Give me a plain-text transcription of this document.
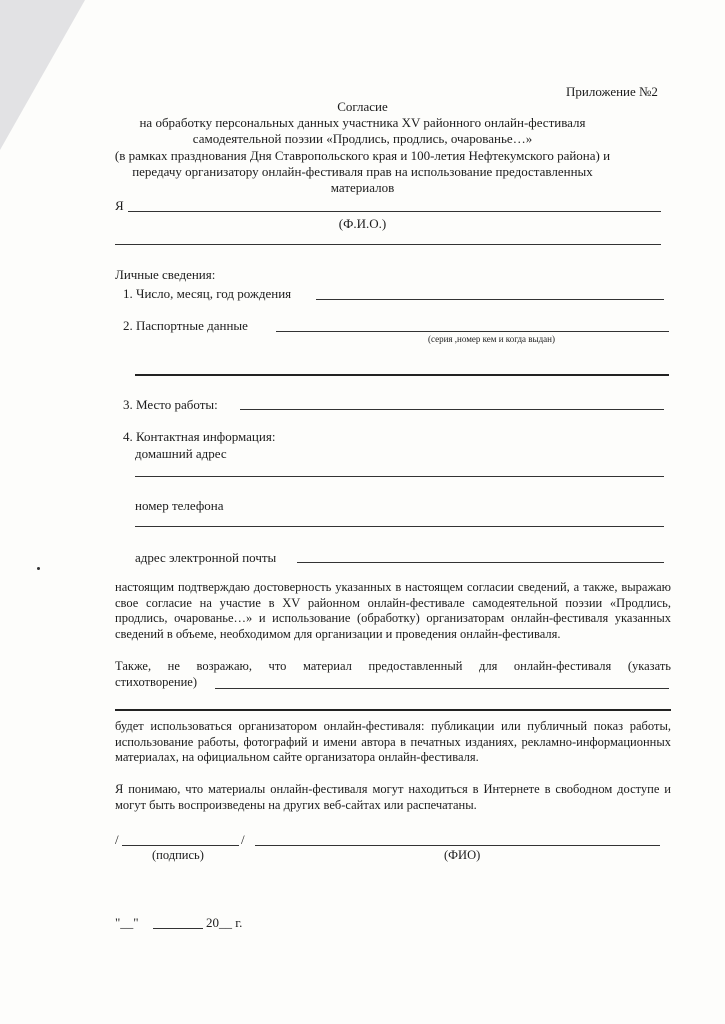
Приложение №2
Согласие
на обработку персональных данных участника XV районного онлайн-фестиваля
самодеятельной поэзии «Продлись, продлись, очарованье…»
(в рамках празднования Дня Ставропольского края и 100-летия Нефтекумского района) и
передачу организатору онлайн-фестиваля прав на использование предоставленных
материалов
Я
(Ф.И.О.)
Личные сведения:
1. Число, месяц, год рождения
2. Паспортные данные
(серия ,номер кем и когда выдан)
3. Место работы:
4. Контактная информация:
домашний адрес
номер телефона
адрес электронной почты
настоящим подтверждаю достоверность указанных в настоящем согласии сведений, а также, выражаю свое согласие на участие в XV районном онлайн-фестивале самодеятельной поэзии «Продлись, продлись, очарованье…» и использование (обработку) организаторам онлайн-фестиваля указанных сведений в объеме, необходимом для организации и проведения онлайн-фестиваля.
Также, не возражаю, что материал предоставленный для онлайн-фестиваля (указать
стихотворение)
будет использоваться организатором онлайн-фестиваля: публикации или публичный показ работы, использование работы, фотографий и имени автора в печатных изданиях, рекламно-информационных материалах, на официальном сайте организатора онлайн-фестиваля.
Я понимаю, что материалы онлайн-фестиваля могут находиться в Интернете в свободном доступе и могут быть воспроизведены на других веб-сайтах или распечатаны.
/	/
(подпись)	(ФИО)
"__"	20__ г.
